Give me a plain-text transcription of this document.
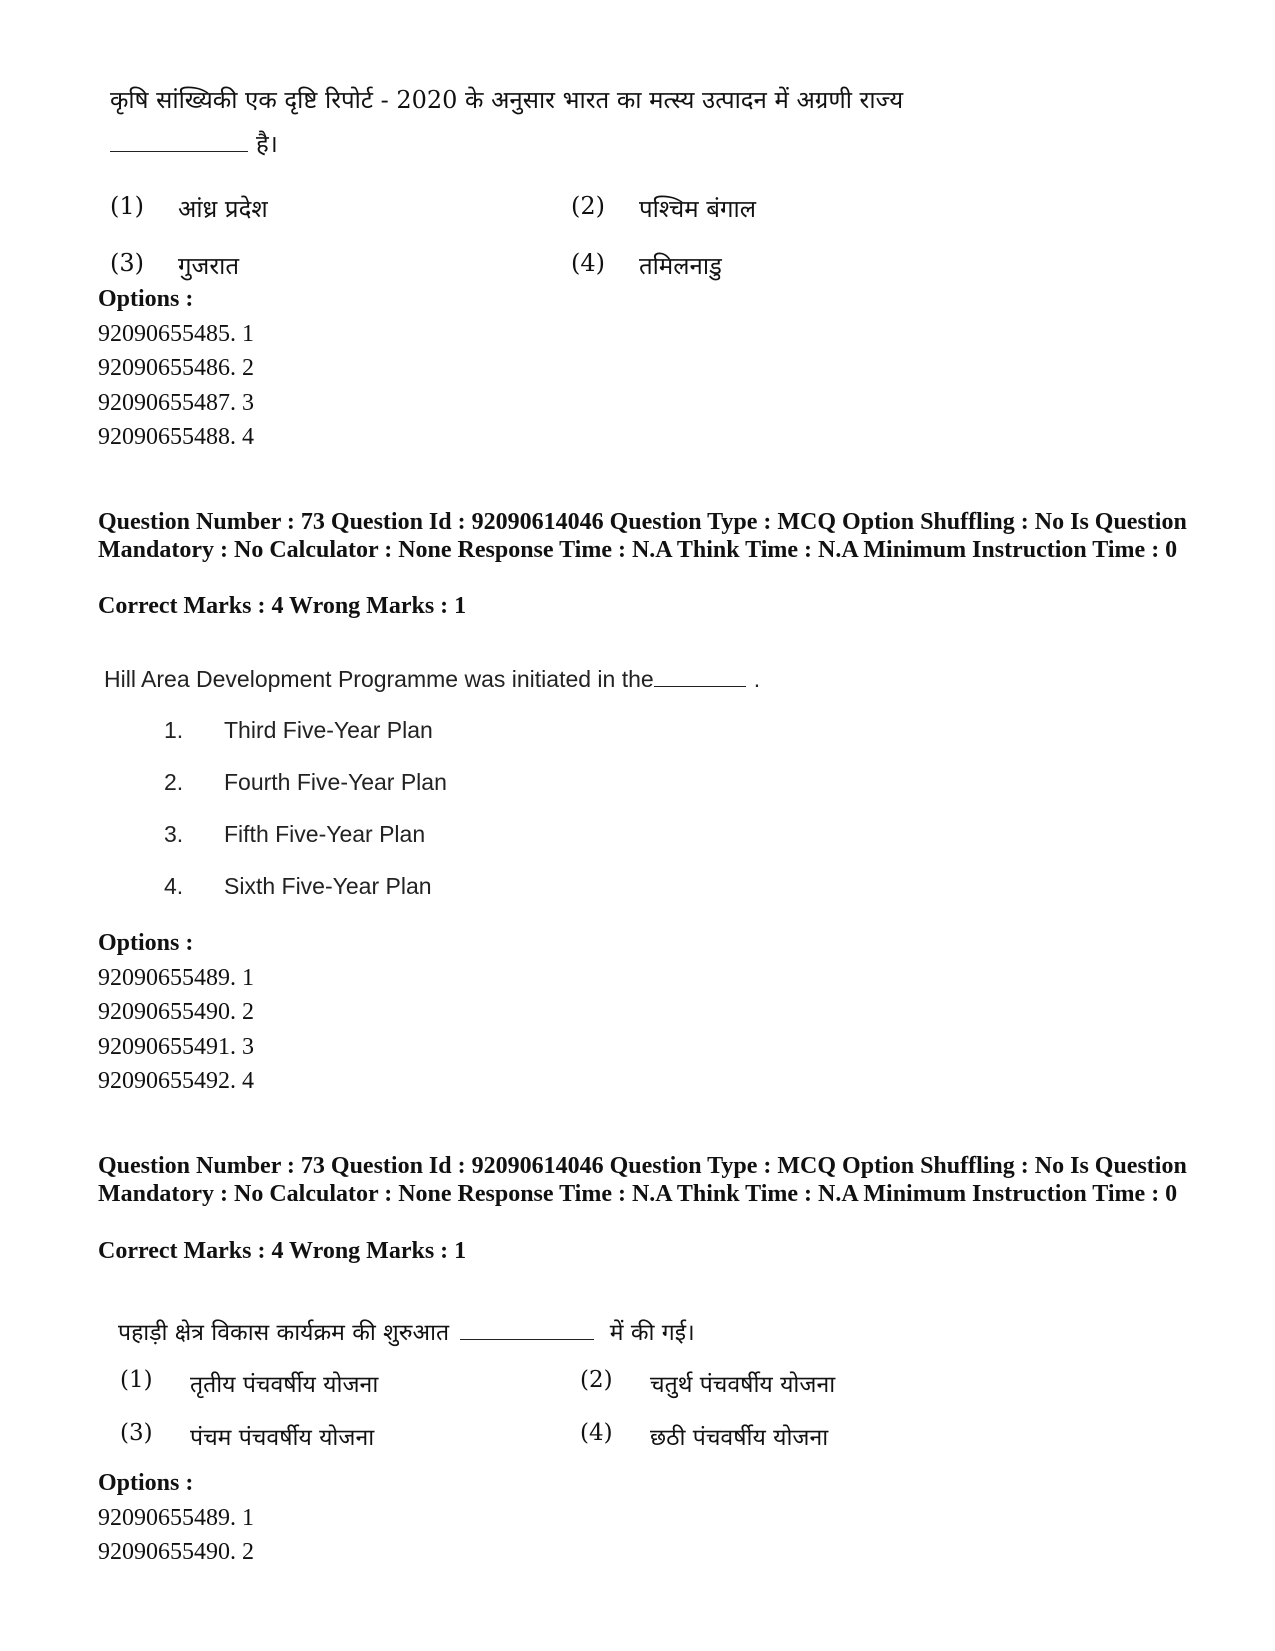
कृषि सांख्यिकी एक दृष्टि रिपोर्ट - 2020 के अनुसार भारत का मत्स्य उत्पादन में अग्रणी राज्य
है।
(1)	आंध्र प्रदेश	(2)	पश्चिम बंगाल
(3)	गुजरात	(4)	तमिलनाडु
Options :
92090655485. 1
92090655486. 2
92090655487. 3
92090655488. 4
Question Number : 73 Question Id : 92090614046 Question Type : MCQ Option Shuffling : No Is Question Mandatory : No Calculator : None Response Time : N.A Think Time : N.A Minimum Instruction Time : 0
Correct Marks : 4 Wrong Marks : 1
Hill Area Development Programme was initiated in the	.
1.	Third Five-Year Plan
2.	Fourth Five-Year Plan
3.	Fifth Five-Year Plan
4.	Sixth Five-Year Plan
Options :
92090655489. 1
92090655490. 2
92090655491. 3
92090655492. 4
Question Number : 73 Question Id : 92090614046 Question Type : MCQ Option Shuffling : No Is Question Mandatory : No Calculator : None Response Time : N.A Think Time : N.A Minimum Instruction Time : 0
Correct Marks : 4 Wrong Marks : 1
पहाड़ी क्षेत्र विकास कार्यक्रम की शुरुआत	में की गई।
(1)	तृतीय पंचवर्षीय योजना	(2)	चतुर्थ पंचवर्षीय योजना
(3)	पंचम पंचवर्षीय योजना	(4)	छठी पंचवर्षीय योजना
Options :
92090655489. 1
92090655490. 2
